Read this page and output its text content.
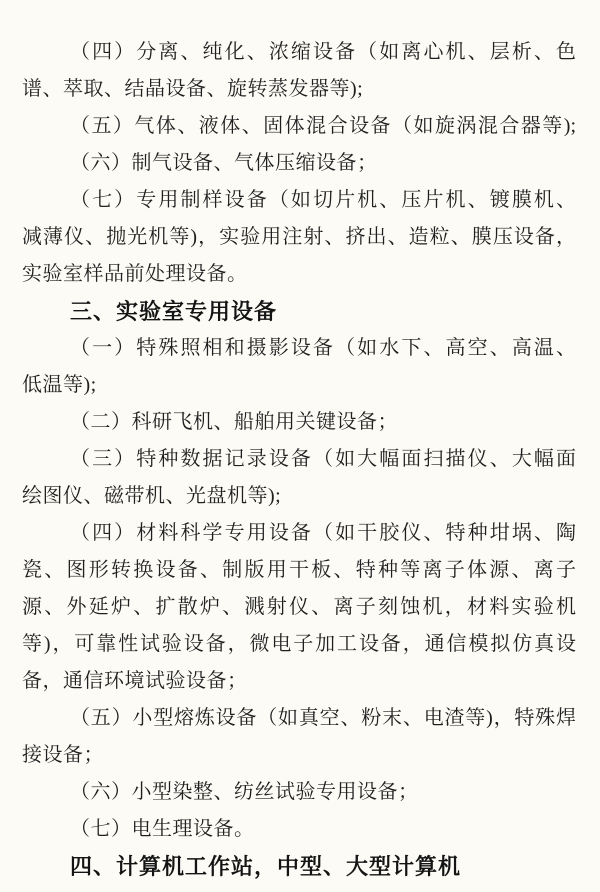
（四）分离、纯化、浓缩设备（如离心机、层析、色
谱、萃取、结晶设备、旋转蒸发器等);
（五）气体、液体、固体混合设备（如旋涡混合器等);
（六）制气设备、气体压缩设备；
（七）专用制样设备（如切片机、压片机、镀膜机、
减薄仪、抛光机等)，实验用注射、挤出、造粒、膜压设备，
实验室样品前处理设备。
三、实验室专用设备
（一）特殊照相和摄影设备（如水下、高空、高温、
低温等);
（二）科研飞机、船舶用关键设备；
（三）特种数据记录设备（如大幅面扫描仪、大幅面
绘图仪、磁带机、光盘机等);
（四）材料科学专用设备（如干胶仪、特种坩埚、陶
瓷、图形转换设备、制版用干板、特种等离子体源、离子
源、外延炉、扩散炉、溅射仪、离子刻蚀机，材料实验机
等)，可靠性试验设备，微电子加工设备，通信模拟仿真设
备，通信环境试验设备；
（五）小型熔炼设备（如真空、粉末、电渣等)，特殊焊
接设备；
（六）小型染整、纺丝试验专用设备；
（七）电生理设备。
四、计算机工作站，中型、大型计算机
